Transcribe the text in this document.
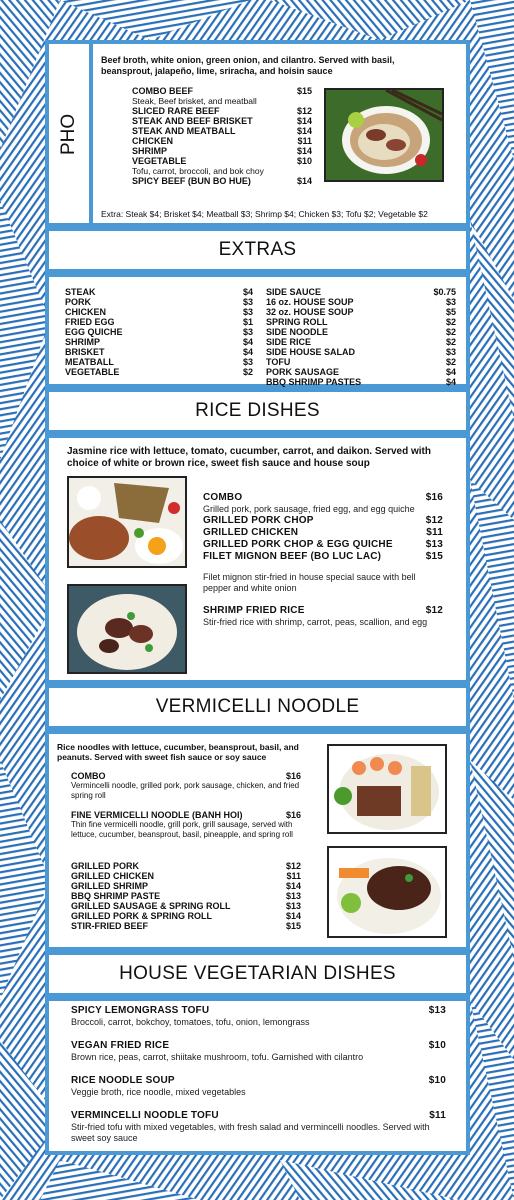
PHO
Beef broth, white onion, green onion, and cilantro. Served with basil, beansprout, jalapeño, lime, sriracha, and hoisin sauce
COMBO BEEF	$15
Steak, Beef brisket, and meatball
SLICED RARE BEEF	$12
STEAK AND BEEF BRISKET	$14
STEAK AND MEATBALL	$14
CHICKEN	$11
SHRIMP	$14
VEGETABLE	$10
Tofu, carrot, broccoli, and bok choy
SPICY BEEF (BUN BO HUE)	$14
Extra: Steak $4; Brisket $4; Meatball $3; Shrimp $4; Chicken $3; Tofu $2; Vegetable $2
EXTRAS
STEAK	$4
PORK	$3
CHICKEN	$3
FRIED EGG	$1
EGG QUICHE	$3
SHRIMP	$4
BRISKET	$4
MEATBALL	$3
VEGETABLE	$2
SIDE SAUCE	$0.75
16 oz. HOUSE SOUP	$3
32 oz. HOUSE SOUP	$5
SPRING ROLL	$2
SIDE NOODLE	$2
SIDE RICE	$2
SIDE HOUSE SALAD	$3
TOFU	$2
PORK SAUSAGE	$4
BBQ SHRIMP PASTES	$4
RICE DISHES
Jasmine rice with lettuce, tomato, cucumber, carrot, and daikon. Served with choice of white or brown rice, sweet fish sauce and house soup
COMBO	$16
Grilled pork, pork sausage, fried egg, and egg quiche
GRILLED PORK CHOP	$12
GRILLED CHICKEN	$11
GRILLED PORK CHOP & EGG QUICHE	$13
FILET MIGNON BEEF (BO LUC LAC)	$15
Filet mignon stir-fried in house special sauce with bell pepper and white onion
SHRIMP FRIED RICE	$12
Stir-fried rice with shrimp, carrot, peas, scallion, and egg
VERMICELLI NOODLE
Rice noodles with lettuce, cucumber, beansprout, basil, and peanuts. Served with sweet fish sauce or soy sauce
COMBO	$16
Vermincelli noodle, grilled pork, pork sausage, chicken, and fried spring roll
FINE VERMICELLI NOODLE (BANH HOI)	$16
Thin fine vermicelli noodle, grill pork, grill sausage, served with lettuce, cucumber, beansprout, basil, pineapple, and spring roll
GRILLED PORK	$12
GRILLED CHICKEN	$11
GRILLED SHRIMP	$14
BBQ SHRIMP PASTE	$13
GRILLED SAUSAGE & SPRING ROLL	$13
GRILLED PORK & SPRING ROLL	$14
STIR-FRIED BEEF	$15
HOUSE VEGETARIAN DISHES
SPICY LEMONGRASS TOFU	$13
Broccoli, carrot, bokchoy, tomatoes, tofu, onion, lemongrass
VEGAN FRIED RICE	$10
Brown rice, peas, carrot, shiitake mushroom, tofu. Garnished with cilantro
RICE NOODLE SOUP	$10
Veggie broth, rice noodle, mixed vegetables
VERMINCELLI NOODLE TOFU	$11
Stir-fried tofu with mixed vegetables, with fresh salad and vermincelli noodles. Served with sweet soy sauce
